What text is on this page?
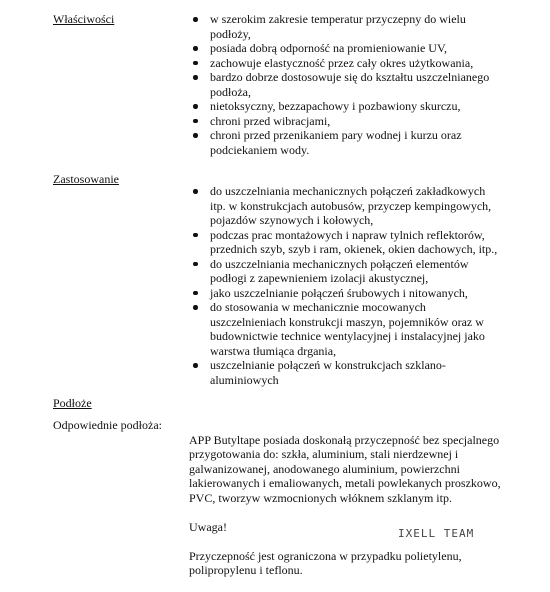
Właściwości	w szerokim zakresie temperatur przyczepny do wielu podłoży,
posiada dobrą odporność na promieniowanie UV,
zachowuje elastyczność przez cały okres użytkowania,
bardzo dobrze dostosowuje się do kształtu uszczelnianego podłoża,
nietoksyczny, bezzapachowy i pozbawiony skurczu,
chroni przed wibracjami,
chroni przed przenikaniem pary wodnej i kurzu oraz podciekaniem wody.
Zastosowanie
do uszczelniania mechanicznych połączeń zakładkowych itp. w konstrukcjach autobusów, przyczep kempingowych, pojazdów szynowych i kołowych,
podczas prac montażowych i napraw tylnich reflektorów, przednich szyb, szyb i ram, okienek, okien dachowych, itp.,
do uszczelniania mechanicznych połączeń elementów podłogi z zapewnieniem izolacji akustycznej,
jako uszczelnianie połączeń śrubowych i nitowanych,
do stosowania w mechanicznie mocowanych uszczelnieniach konstrukcji maszyn, pojemników oraz w budownictwie technice wentylacyjnej i instalacyjnej jako warstwa tłumiąca drgania,
uszczelnianie połączeń w konstrukcjach szklano-aluminiowych
Podłoże
Odpowiednie podłoża:

APP Butyltape posiada doskonałą przyczepność bez specjalnego przygotowania do: szkła, aluminium, stali nierdzewnej i galwanizowanej, anodowanego aluminium, powierzchni lakierowanych i emaliowanych, metali powlekanych proszkowo, PVC, tworzyw wzmocnionych włóknem szklanym itp.

Uwaga!

Przyczepność jest ograniczona w przypadku polietylenu, polipropylenu i teflonu.

IXELL TEAM
